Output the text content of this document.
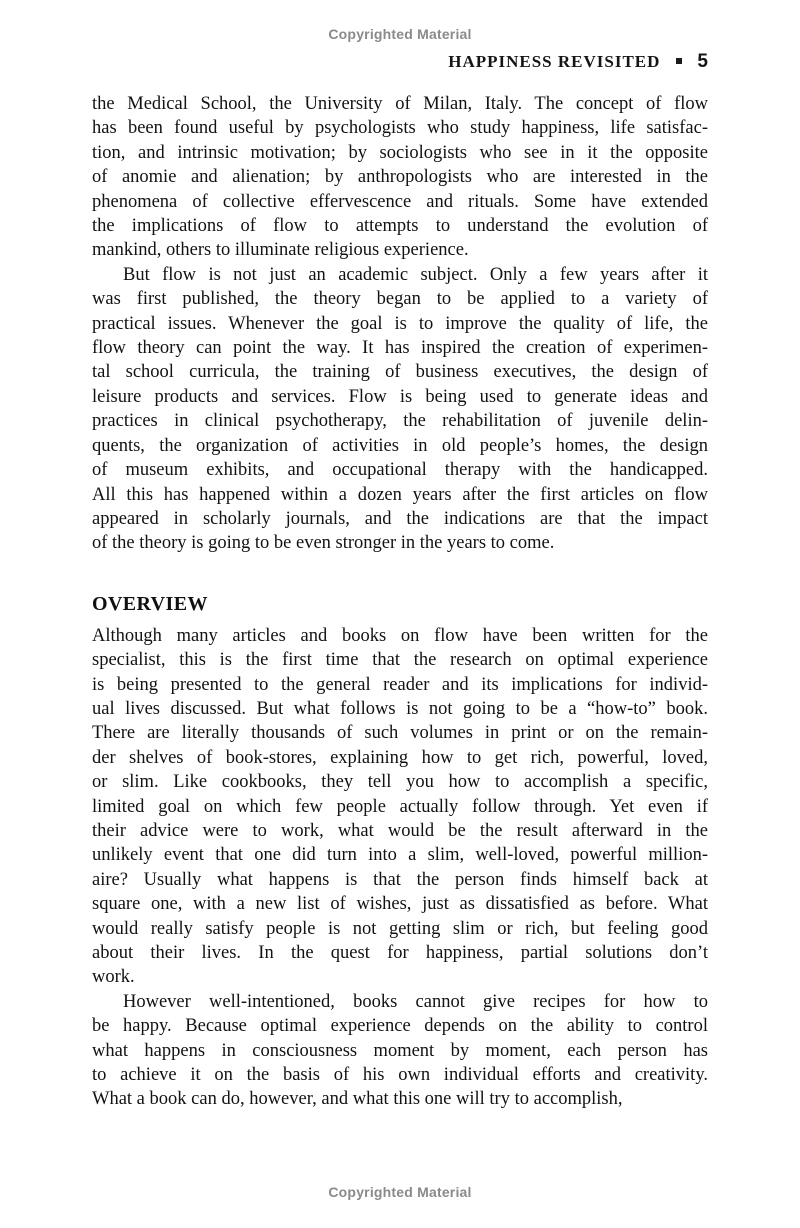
Copyrighted Material
HAPPINESS REVISITED 5
the Medical School, the University of Milan, Italy. The concept of flow
has been found useful by psychologists who study happiness, life satisfac-
tion, and intrinsic motivation; by sociologists who see in it the opposite
of anomie and alienation; by anthropologists who are interested in the
phenomena of collective effervescence and rituals. Some have extended
the implications of flow to attempts to understand the evolution of
mankind, others to illuminate religious experience.
But flow is not just an academic subject. Only a few years after it
was first published, the theory began to be applied to a variety of
practical issues. Whenever the goal is to improve the quality of life, the
flow theory can point the way. It has inspired the creation of experimen-
tal school curricula, the training of business executives, the design of
leisure products and services. Flow is being used to generate ideas and
practices in clinical psychotherapy, the rehabilitation of juvenile delin-
quents, the organization of activities in old people’s homes, the design
of museum exhibits, and occupational therapy with the handicapped.
All this has happened within a dozen years after the first articles on flow
appeared in scholarly journals, and the indications are that the impact
of the theory is going to be even stronger in the years to come.
OVERVIEW
Although many articles and books on flow have been written for the
specialist, this is the first time that the research on optimal experience
is being presented to the general reader and its implications for individ-
ual lives discussed. But what follows is not going to be a “how-to” book.
There are literally thousands of such volumes in print or on the remain-
der shelves of book-stores, explaining how to get rich, powerful, loved,
or slim. Like cookbooks, they tell you how to accomplish a specific,
limited goal on which few people actually follow through. Yet even if
their advice were to work, what would be the result afterward in the
unlikely event that one did turn into a slim, well-loved, powerful million-
aire? Usually what happens is that the person finds himself back at
square one, with a new list of wishes, just as dissatisfied as before. What
would really satisfy people is not getting slim or rich, but feeling good
about their lives. In the quest for happiness, partial solutions don’t
work.
However well-intentioned, books cannot give recipes for how to
be happy. Because optimal experience depends on the ability to control
what happens in consciousness moment by moment, each person has
to achieve it on the basis of his own individual efforts and creativity.
What a book can do, however, and what this one will try to accomplish,
Copyrighted Material
